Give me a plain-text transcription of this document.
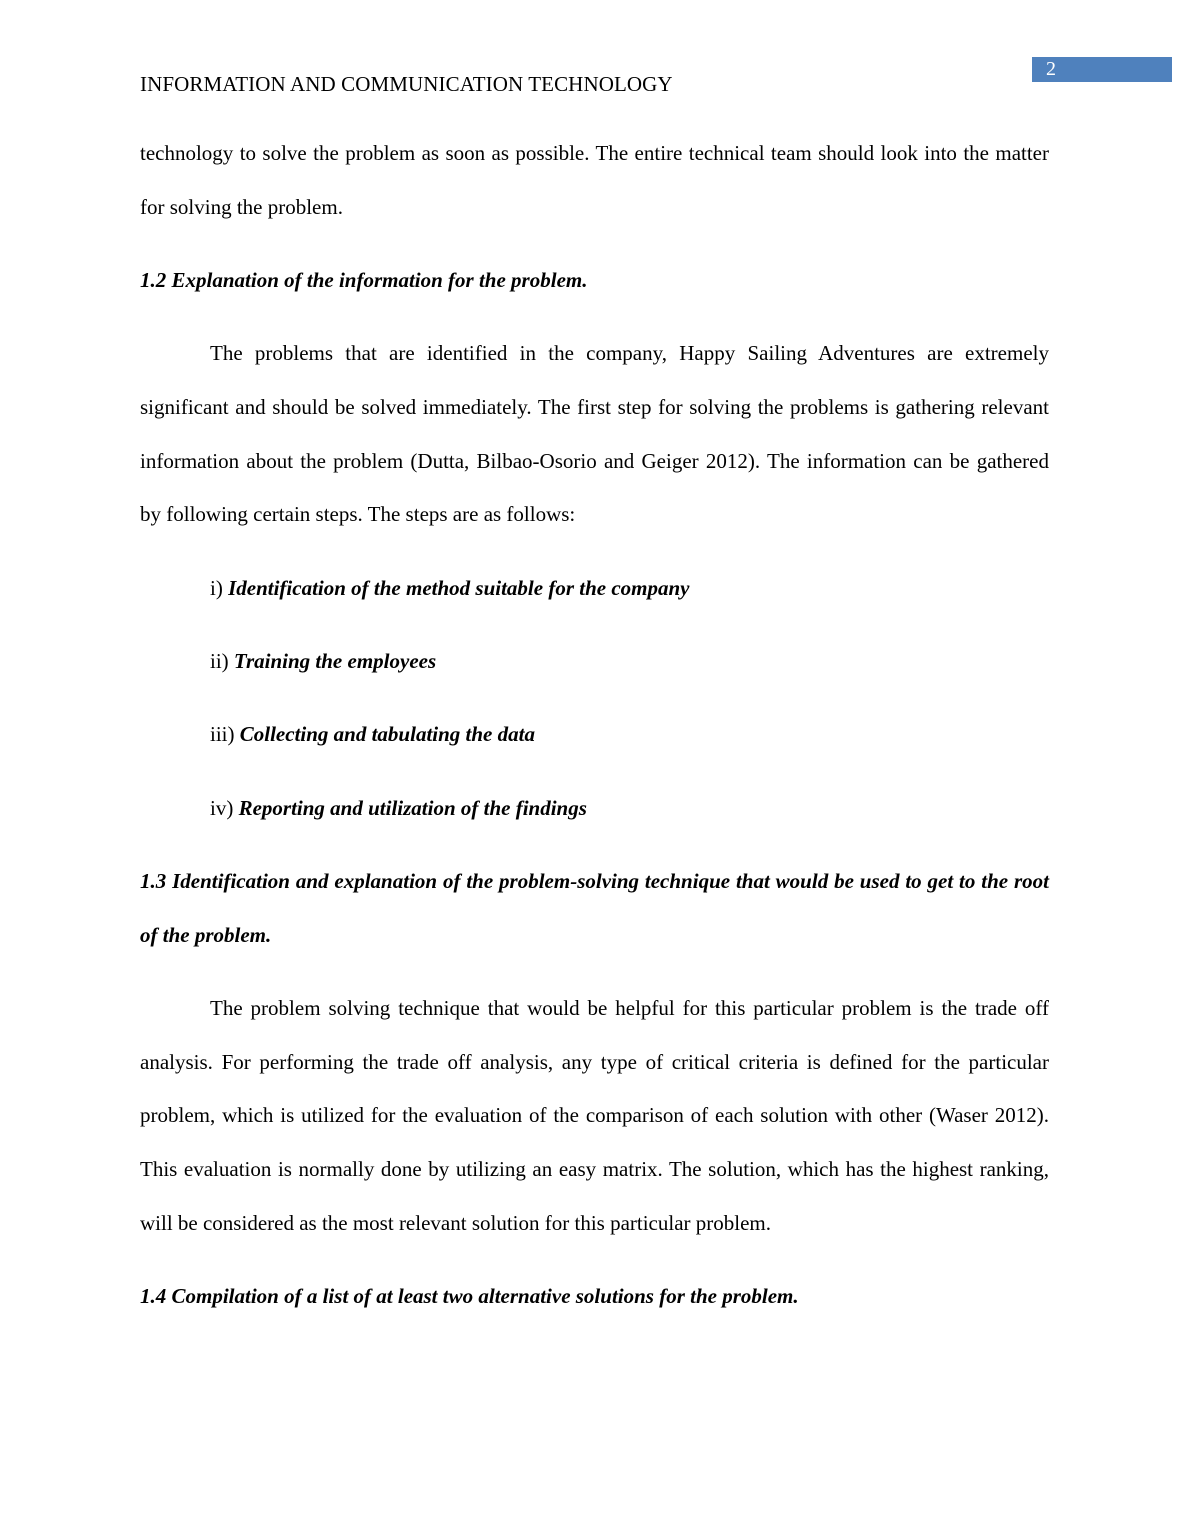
2
INFORMATION AND COMMUNICATION TECHNOLOGY

technology to solve the problem as soon as possible. The entire technical team should look into the matter for solving the problem.

1.2 Explanation of the information for the problem.

The problems that are identified in the company, Happy Sailing Adventures are extremely significant and should be solved immediately. The first step for solving the problems is gathering relevant information about the problem (Dutta, Bilbao-Osorio and Geiger 2012). The information can be gathered by following certain steps. The steps are as follows:

i) Identification of the method suitable for the company

ii) Training the employees

iii) Collecting and tabulating the data

iv) Reporting and utilization of the findings

1.3 Identification and explanation of the problem-solving technique that would be used to get to the root of the problem.

The problem solving technique that would be helpful for this particular problem is the trade off analysis. For performing the trade off analysis, any type of critical criteria is defined for the particular problem, which is utilized for the evaluation of the comparison of each solution with other (Waser 2012). This evaluation is normally done by utilizing an easy matrix. The solution, which has the highest ranking, will be considered as the most relevant solution for this particular problem.

1.4 Compilation of a list of at least two alternative solutions for the problem.
